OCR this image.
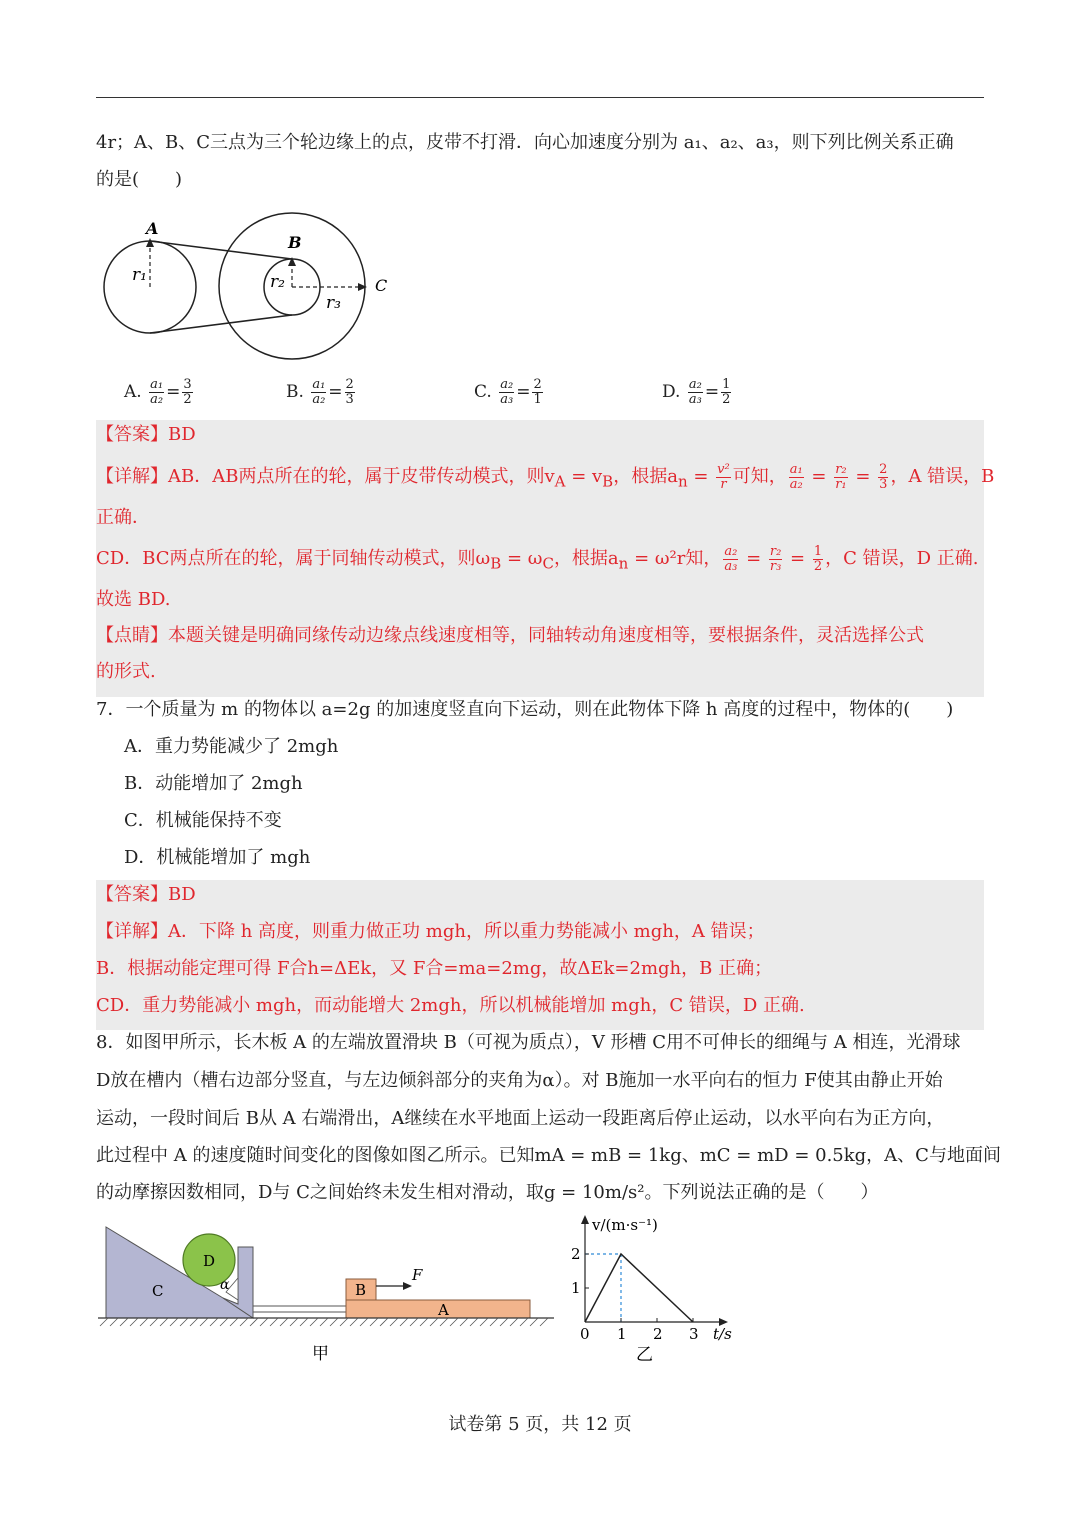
4r；A、B、C三点为三个轮边缘上的点，皮带不打滑．向心加速度分别为 a₁、a₂、a₃，则下列比例关系正确
的是(　　)
A
r₁
B
r₂
r₃
C
A. $\frac{\text{a₁}}{\text{a₂}} = \frac{3}{2}$	B. $\frac{\text{a₁}}{\text{a₂}} = \frac{2}{3}$	C. $\frac{\text{a₂}}{\text{a₃}} = \frac{2}{1}$	D. $\frac{\text{a₂}}{\text{a₃}} = \frac{1}{2}$
【答案】BD
【详解】AB．AB两点所在的轮，属于皮带传动模式，则$v_A = v_B$，根据$a_n = \frac{\text{v²}}{r}$ 可知， $\frac{\text{a₁}}{\text{a₂}} = \frac{\text{r₂}}{\text{r₁}} = \frac{2}{3}$ ，A 错误，B
正确．
CD．BC两点所在的轮，属于同轴传动模式，则$\omega_B = \omega_C$，根据$a_n = \omega^2r$知， $\frac{\text{a₂}}{\text{a₃}} = \frac{\text{r₂}}{\text{r₃}} = \frac{1}{2}$ ，C 错误，D 正确.
故选 BD.
【点睛】本题关键是明确同缘传动边缘点线速度相等，同轴转动角速度相等，要根据条件，灵活选择公式
的形式.
7．一个质量为 m 的物体以 a=2g 的加速度竖直向下运动，则在此物体下降 h 高度的过程中，物体的(　　)
A．重力势能减少了 2mgh
B．动能增加了 2mgh
C．机械能保持不变
D．机械能增加了 mgh
【答案】BD
【详解】A．下降 h 高度，则重力做正功 mgh，所以重力势能减小 mgh，A 错误；
B．根据动能定理可得 F合h=ΔEk，又 F合=ma=2mg，故ΔEk=2mgh，B 正确；
CD．重力势能减小 mgh，而动能增大 2mgh，所以机械能增加 mgh，C 错误，D 正确.
8．如图甲所示，长木板 A 的左端放置滑块 B（可视为质点），V 形槽 C用不可伸长的细绳与 A 相连，光滑球
D放在槽内（槽右边部分竖直，与左边倾斜部分的夹角为α）。对 B施加一水平向右的恒力 F使其由静止开始
运动，一段时间后 B从 A 右端滑出，A继续在水平地面上运动一段距离后停止运动，以水平向右为正方向，
此过程中 A 的速度随时间变化的图像如图乙所示。已知mA = mB = 1kg、mC = mD = 0.5kg，A、C与地面间
的动摩擦因数相同，D与 C之间始终未发生相对滑动，取g = 10m/s²。下列说法正确的是（　　）
D
α
C
A
B
F
甲
v/(m·s⁻¹)
t/s
2
1
0 1 2 3
乙
试卷第 5 页，共 12 页
